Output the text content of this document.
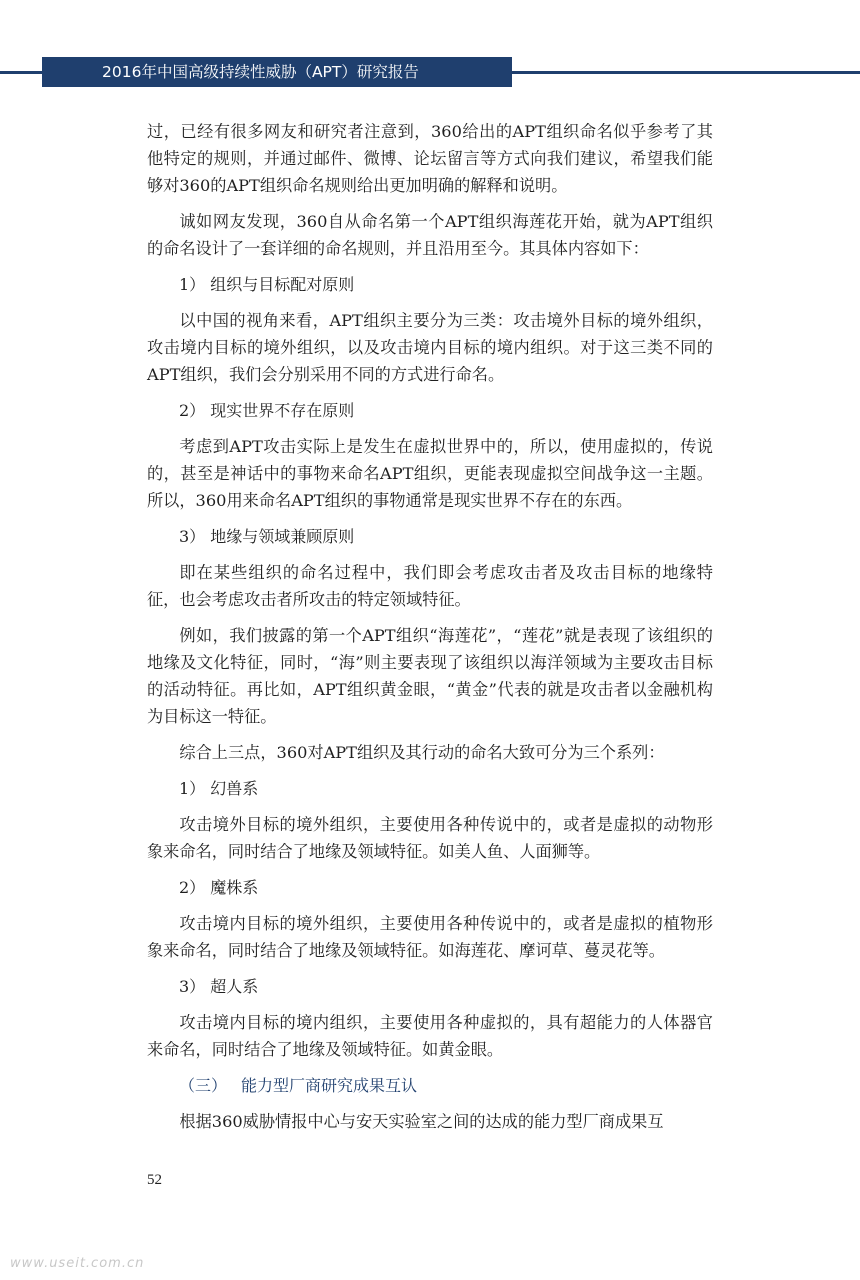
2016年中国高级持续性威胁（APT）研究报告

过，已经有很多网友和研究者注意到，360给出的APT组织命名似乎参考了其他特定的规则，并通过邮件、微博、论坛留言等方式向我们建议，希望我们能够对360的APT组织命名规则给出更加明确的解释和说明。

诚如网友发现，360自从命名第一个APT组织海莲花开始，就为APT组织的命名设计了一套详细的命名规则，并且沿用至今。其具体内容如下：

1） 组织与目标配对原则

以中国的视角来看，APT组织主要分为三类：攻击境外目标的境外组织，攻击境内目标的境外组织，以及攻击境内目标的境内组织。对于这三类不同的APT组织，我们会分别采用不同的方式进行命名。

2） 现实世界不存在原则

考虑到APT攻击实际上是发生在虚拟世界中的，所以，使用虚拟的，传说的，甚至是神话中的事物来命名APT组织，更能表现虚拟空间战争这一主题。所以，360用来命名APT组织的事物通常是现实世界不存在的东西。

3） 地缘与领域兼顾原则

即在某些组织的命名过程中，我们即会考虑攻击者及攻击目标的地缘特征，也会考虑攻击者所攻击的特定领域特征。

例如，我们披露的第一个APT组织“海莲花”，“莲花”就是表现了该组织的地缘及文化特征，同时，“海”则主要表现了该组织以海洋领域为主要攻击目标的活动特征。再比如，APT组织黄金眼，“黄金”代表的就是攻击者以金融机构为目标这一特征。

综合上三点，360对APT组织及其行动的命名大致可分为三个系列：

1） 幻兽系

攻击境外目标的境外组织，主要使用各种传说中的，或者是虚拟的动物形象来命名，同时结合了地缘及领域特征。如美人鱼、人面狮等。

2） 魔株系

攻击境内目标的境外组织，主要使用各种传说中的，或者是虚拟的植物形象来命名，同时结合了地缘及领域特征。如海莲花、摩诃草、蔓灵花等。

3） 超人系

攻击境内目标的境内组织，主要使用各种虚拟的，具有超能力的人体器官来命名，同时结合了地缘及领域特征。如黄金眼。

（三） 能力型厂商研究成果互认

根据360威胁情报中心与安天实验室之间的达成的能力型厂商成果互

52
www.useit.com.cn
